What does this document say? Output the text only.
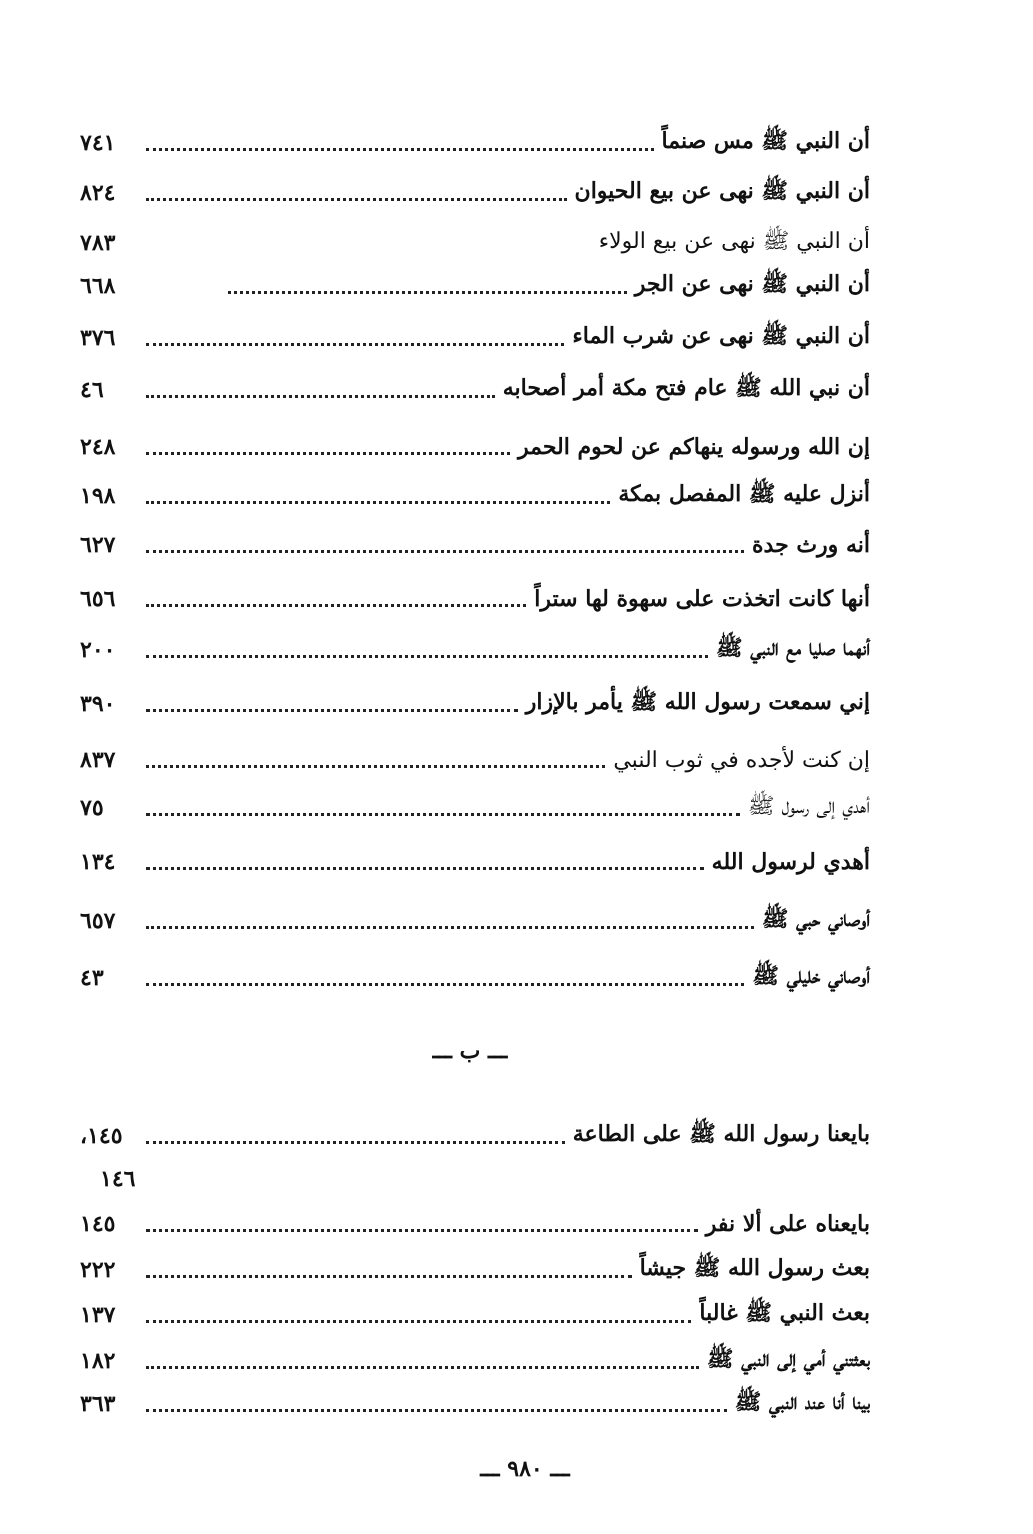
أن النبي ﷺ مس صنماً
٧٤١
أن النبي ﷺ نهى عن بيع الحيوان
٨٢٤
أن النبي ﷺ نهى عن بيع الولاء
٧٨٣
أن النبي ﷺ نهى عن الجر
٦٦٨
أن النبي ﷺ نهى عن شرب الماء
٣٧٦
أن نبي الله ﷺ عام فتح مكة أمر أصحابه
٤٦
إن الله ورسوله ينهاكم عن لحوم الحمر
٢٤٨
أنزل عليه ﷺ المفصل بمكة
١٩٨
أنه ورث جدة
٦٢٧
أنها كانت اتخذت على سهوة لها ستراً
٦٥٦
أنهما صليا مع النبي ﷺ
٢٠٠
إني سمعت رسول الله ﷺ يأمر بالإزار
٣٩٠
إن كنت لأجده في ثوب النبي
٨٣٧
أهدي إلى رسول ﷺ
٧٥
أهدي لرسول الله
١٣٤
أوصاني حبي ﷺ
٦٥٧
أوصاني خليلي ﷺ
٤٣
ـــ ب ـــ
بايعنا رسول الله ﷺ على الطاعة
١٤٥،
١٤٦
بايعناه على ألا نفر
١٤٥
بعث رسول الله ﷺ جيشاً
٢٢٢
بعث النبي ﷺ غالباً
١٣٧
بعثتني أمي إلى النبي ﷺ
١٨٢
بينا أنا عند النبي ﷺ
٣٦٣
ـــ ٩٨٠ ـــ
